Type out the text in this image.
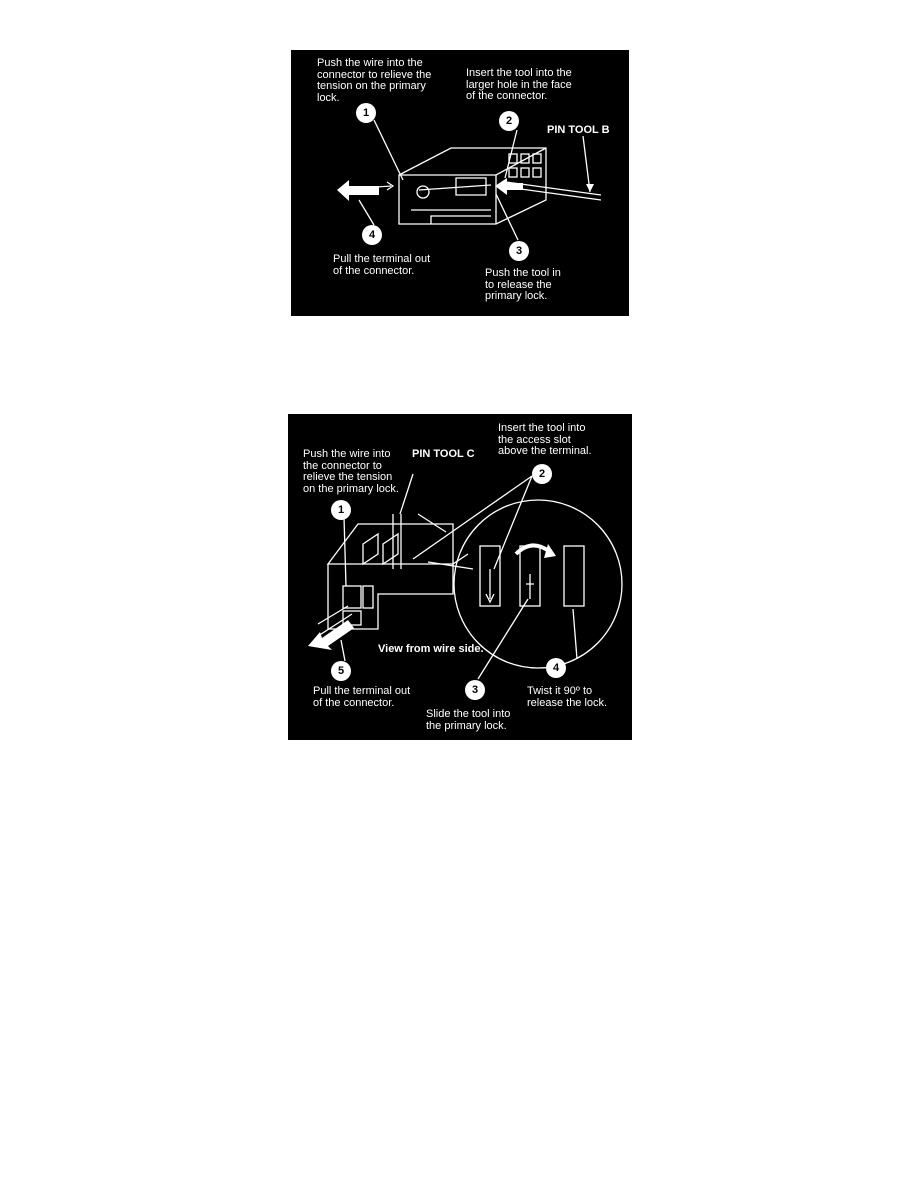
Push the wire into the
connector to relieve the
tension on the primary
lock.

Insert the tool into the
larger hole in the face
of the connector.

PIN TOOL B

Pull the terminal out
of the connector.	Push the tool in
to release the
primary lock.

1
2
3
4

Insert the tool into
the access slot
above the terminal.

Push the wire into
the connector to
relieve the tension
on the primary lock.

PIN TOOL C

View from wire side.

Pull the terminal out
of the connector.

Twist it 90º to
release the lock.

Slide the tool into
the primary lock.

2
1
5	4
3
